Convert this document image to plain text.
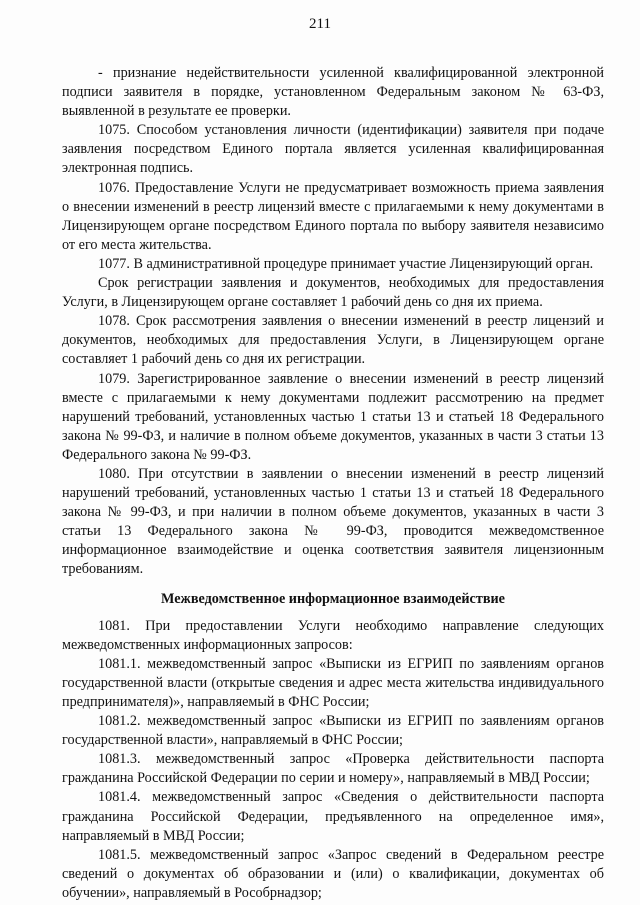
211

- признание недействительности усиленной квалифицированной электронной подписи заявителя в порядке, установленном Федеральным законом № 63-ФЗ, выявленной в результате ее проверки.

1075. Способом установления личности (идентификации) заявителя при подаче заявления посредством Единого портала является усиленная квалифицированная электронная подпись.

1076. Предоставление Услуги не предусматривает возможность приема заявления о внесении изменений в реестр лицензий вместе с прилагаемыми к нему документами в Лицензирующем органе посредством Единого портала по выбору заявителя независимо от его места жительства.

1077. В административной процедуре принимает участие Лицензирующий орган.

Срок регистрации заявления и документов, необходимых для предоставления Услуги, в Лицензирующем органе составляет 1 рабочий день со дня их приема.

1078. Срок рассмотрения заявления о внесении изменений в реестр лицензий и документов, необходимых для предоставления Услуги, в Лицензирующем органе составляет 1 рабочий день со дня их регистрации.

1079. Зарегистрированное заявление о внесении изменений в реестр лицензий вместе с прилагаемыми к нему документами подлежит рассмотрению на предмет нарушений требований, установленных частью 1 статьи 13 и статьей 18 Федерального закона № 99-ФЗ, и наличие в полном объеме документов, указанных в части 3 статьи 13 Федерального закона № 99-ФЗ.

1080. При отсутствии в заявлении о внесении изменений в реестр лицензий нарушений требований, установленных частью 1 статьи 13 и статьей 18 Федерального закона № 99-ФЗ, и при наличии в полном объеме документов, указанных в части 3 статьи 13 Федерального закона № 99-ФЗ, проводится межведомственное информационное взаимодействие и оценка соответствия заявителя лицензионным требованиям.

Межведомственное информационное взаимодействие

1081. При предоставлении Услуги необходимо направление следующих межведомственных информационных запросов:

1081.1. межведомственный запрос «Выписки из ЕГРИП по заявлениям органов государственной власти (открытые сведения и адрес места жительства индивидуального предпринимателя)», направляемый в ФНС России;

1081.2. межведомственный запрос «Выписки из ЕГРИП по заявлениям органов государственной власти», направляемый в ФНС России;

1081.3. межведомственный запрос «Проверка действительности паспорта гражданина Российской Федерации по серии и номеру», направляемый в МВД России;

1081.4. межведомственный запрос «Сведения о действительности паспорта гражданина Российской Федерации, предъявленного на определенное имя», направляемый в МВД России;

1081.5. межведомственный запрос «Запрос сведений в Федеральном реестре сведений о документах об образовании и (или) о квалификации, документах об обучении», направляемый в Рособрнадзор;
